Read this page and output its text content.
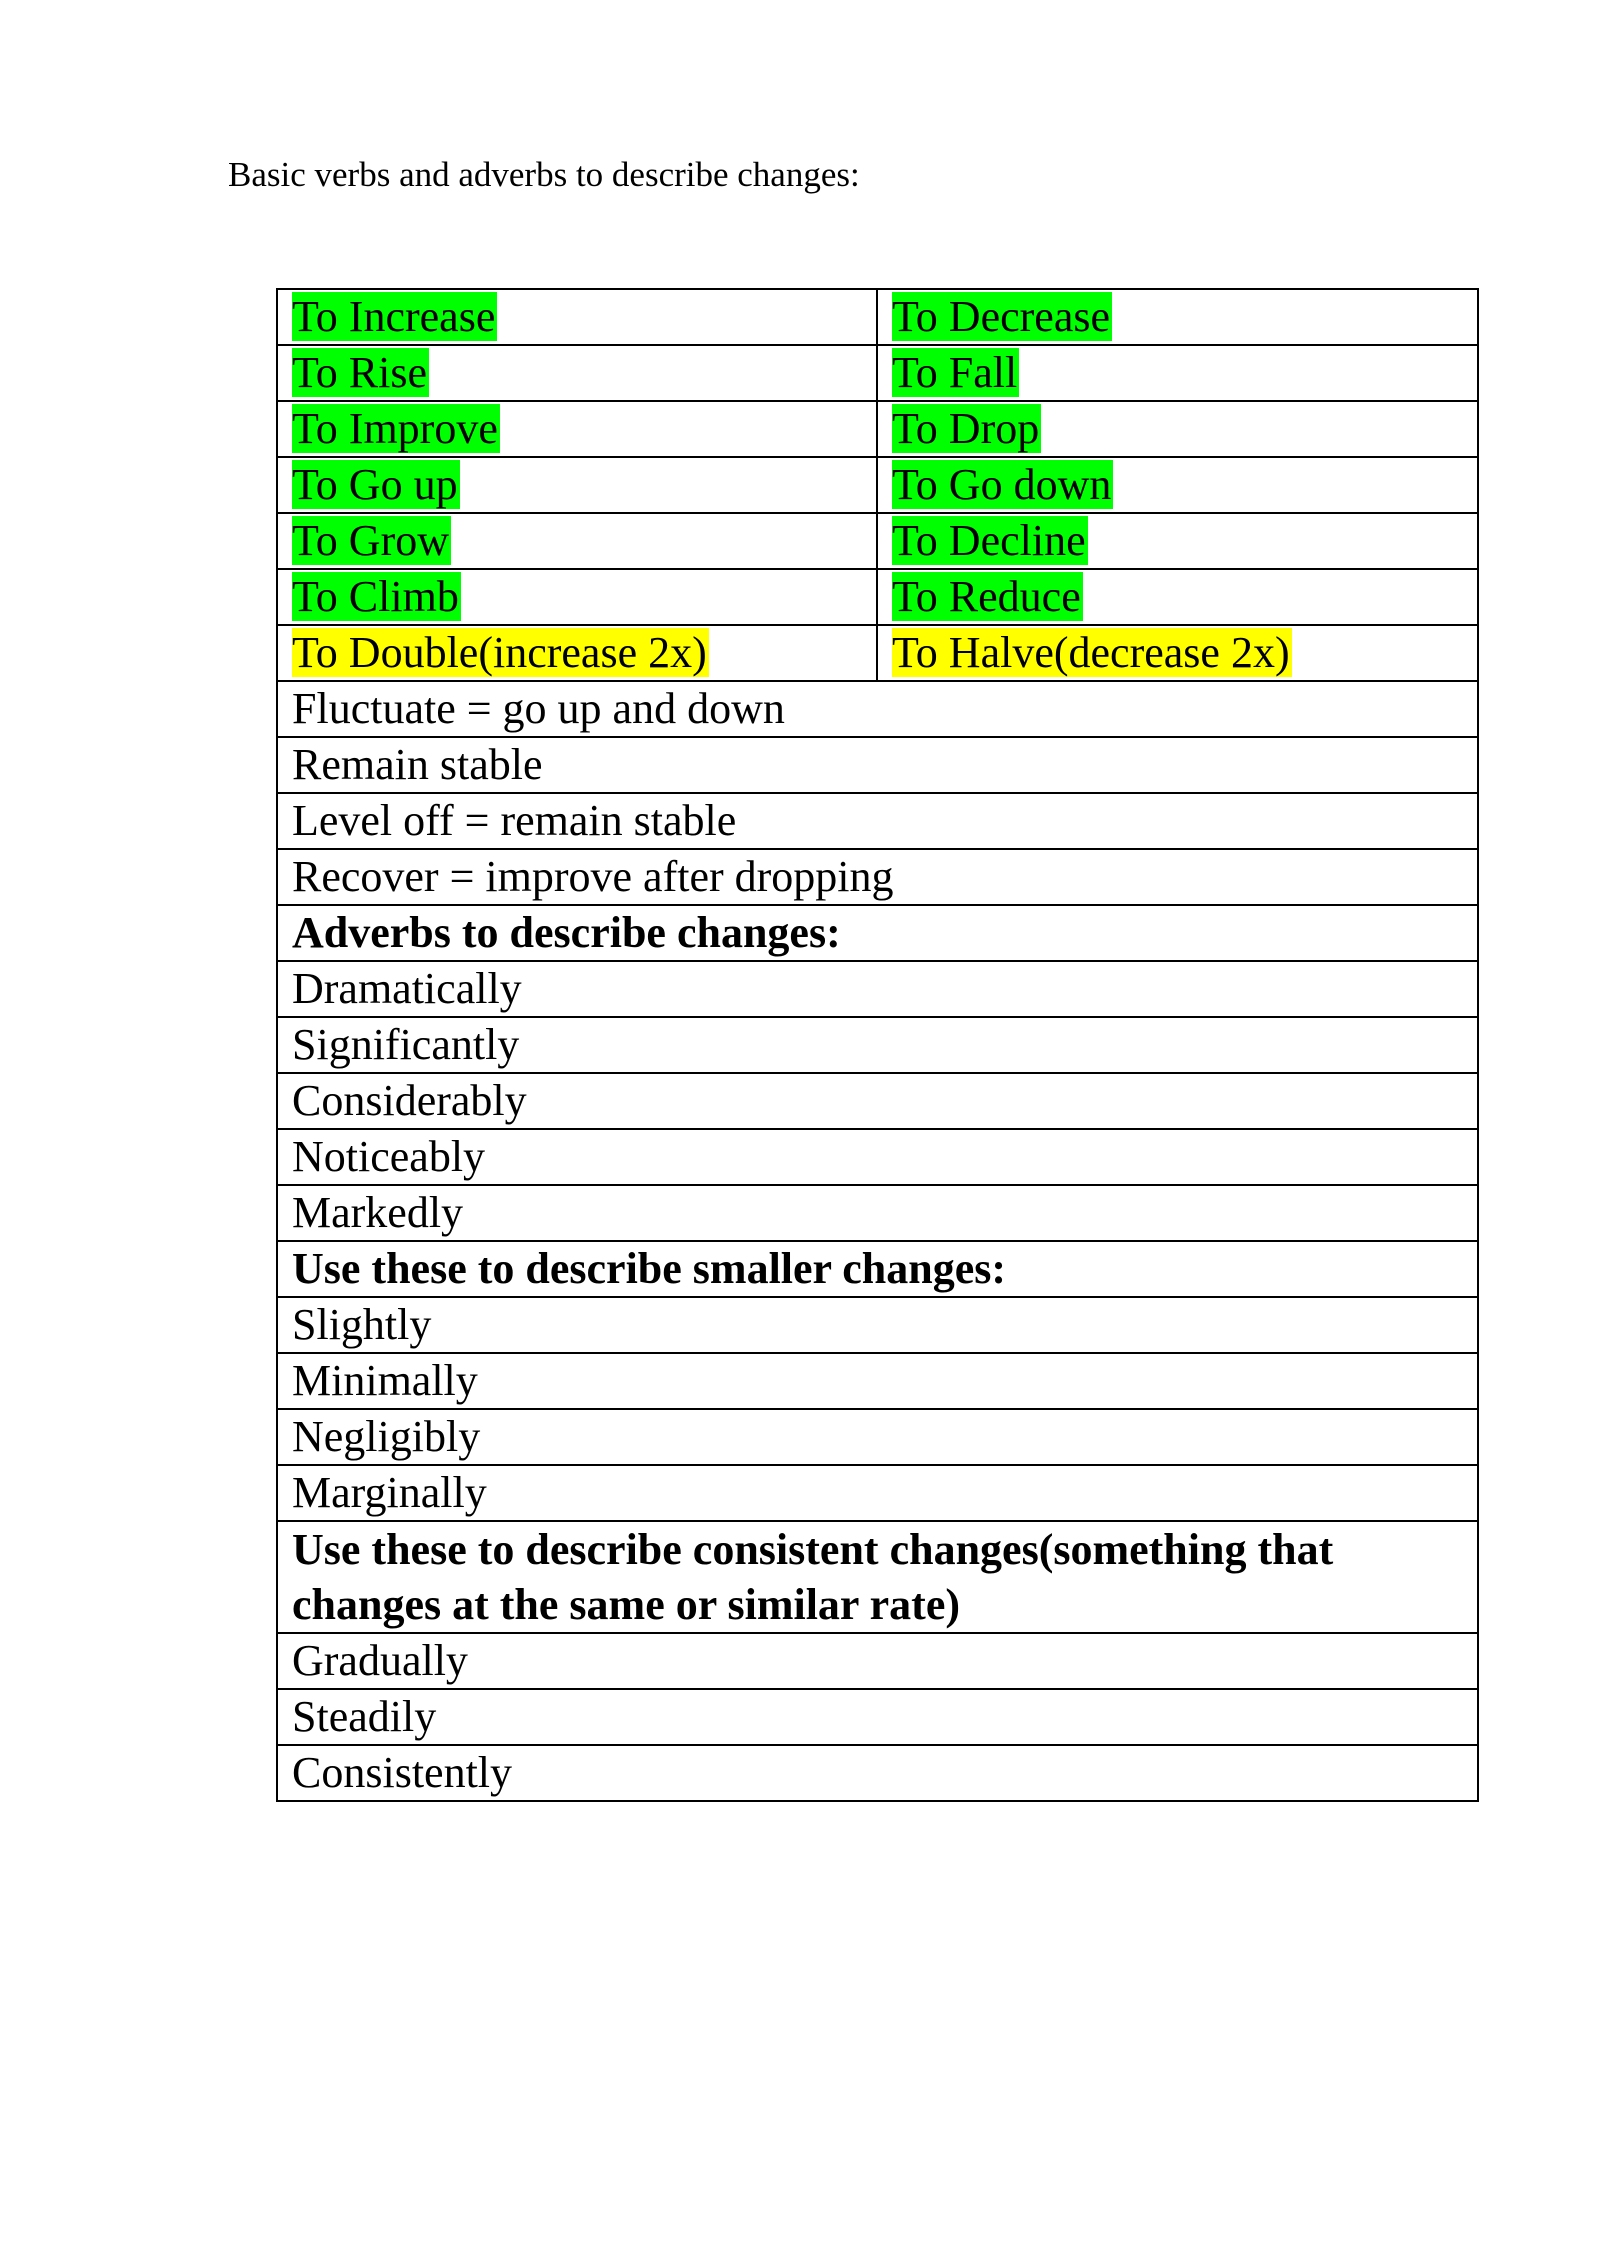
Basic verbs and adverbs to describe changes:
To Increase	To Decrease
To Rise	To Fall
To Improve	To Drop
To Go up	To Go down
To Grow	To Decline
To Climb	To Reduce
To Double(increase 2x)	To Halve(decrease 2x)
Fluctuate = go up and down	
Remain stable	
Level off = remain stable	
Recover = improve after dropping	
Adverbs to describe changes:	
Dramatically	
Significantly	
Considerably	
Noticeably	
Markedly	
Use these to describe smaller changes:	
Slightly	
Minimally	
Negligibly	
Marginally	
Use these to describe consistent changes(something that changes at the same or similar rate)	
Gradually	
Steadily	
Consistently	
